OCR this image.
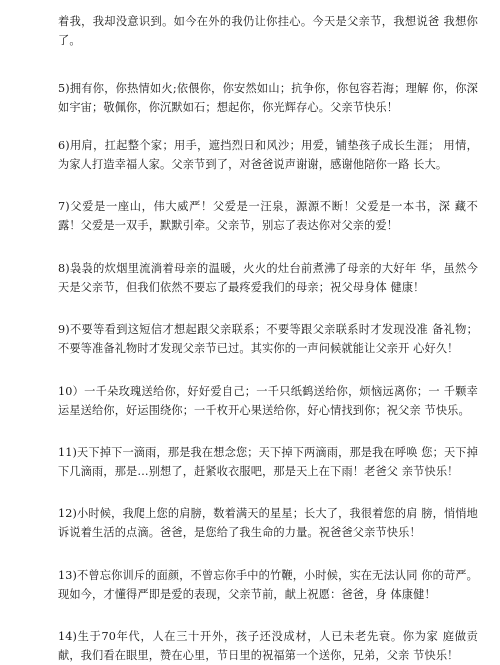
着我，我却没意识到。如今在外的我仍让你挂心。今天是父亲节，我想说爸 我想你了。

5)拥有你，你热情如火;依偎你，你安然如山；抗争你，你包容若海；理解 你，你深如宇宙；敬佩你，你沉默如石；想起你，你光辉存心。父亲节快乐！

6)用肩，扛起整个家；用手，遮挡烈日和风沙；用爱，铺垫孩子成长生涯； 用情，为家人打造幸福人家。父亲节到了，对爸爸说声谢谢，感谢他陪你一路 长大。

7)父爱是一座山，伟大威严！父爱是一汪泉，源源不断！父爱是一本书，深 藏不露！父爱是一双手，默默引牵。父亲节，别忘了表达你对父亲的爱！

8)袅袅的炊烟里流淌着母亲的温暖，火火的灶台前煮沸了母亲的大好年 华，虽然今天是父亲节，但我们依然不要忘了最疼爱我们的母亲；祝父母身体 健康！

9)不要等看到这短信才想起跟父亲联系；不要等跟父亲联系时才发现没准 备礼物；不要等准备礼物时才发现父亲节已过。其实你的一声问候就能让父亲开 心好久！

10）一千朵玫瑰送给你，好好爱自己；一千只纸鹤送给你，烦恼远离你；一 千颗幸运星送给你，好运围绕你；一千枚开心果送给你，好心情找到你；祝父亲 节快乐。

11)天下掉下一滴雨，那是我在想念您；天下掉下两滴雨，那是我在呼唤 您；天下掉下几滴雨，那是…别想了，赶紧收衣服吧，那是天上在下雨！老爸父 亲节快乐！

12)小时候，我爬上您的肩膀，数着满天的星星；长大了，我很着您的肩 膀，悄悄地诉说着生活的点滴。爸爸，是您给了我生命的力量。祝爸爸父亲节快乐！

13)不曾忘你训斥的面颜，不曾忘你手中的竹鞭，小时候，实在无法认同 你的苛严。现如今，才懂得严即是爱的表现，父亲节前，献上祝愿：爸爸，身 体康健！

14)生于70年代，人在三十开外，孩子还没成材，人已未老先衰。你为家 庭做贡献，我们看在眼里，赞在心里，节日里的祝福第一个送你，兄弟，父亲 节快乐！
